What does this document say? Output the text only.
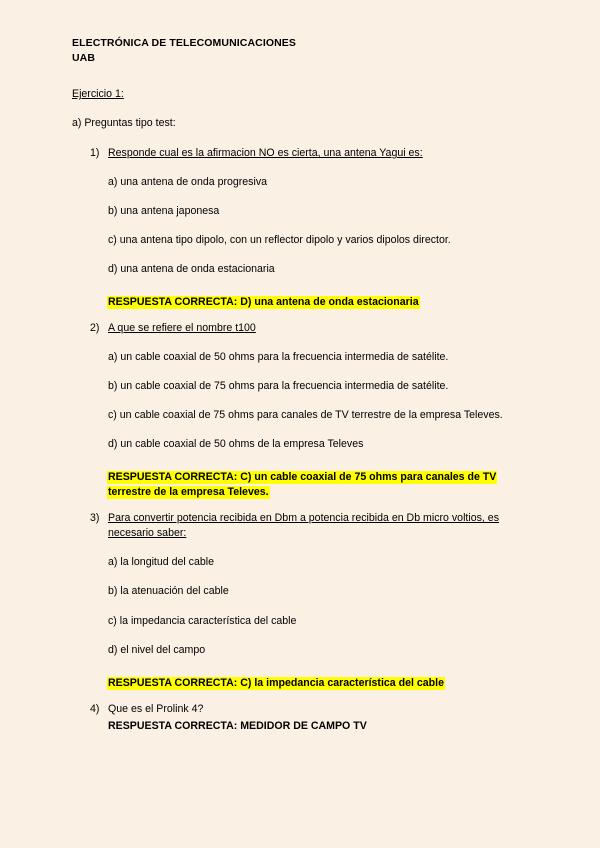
ELECTRÓNICA DE TELECOMUNICACIONES
UAB
Ejercicio 1:
a) Preguntas tipo test:
1) Responde cual es la afirmacion NO es cierta, una antena Yagui es:
a) una antena de onda progresiva
b) una antena japonesa
c) una antena tipo dipolo, con un reflector dipolo y varios dipolos director.
d) una antena de onda estacionaria
RESPUESTA CORRECTA: D) una antena de onda estacionaria
2) A que se refiere el nombre t100
a) un cable coaxial de 50 ohms para la frecuencia intermedia de satélite.
b) un cable coaxial de 75 ohms para la frecuencia intermedia de satélite.
c) un cable coaxial de 75 ohms para canales de TV terrestre de la empresa Televes.
d) un cable coaxial de 50 ohms de la empresa Televes
RESPUESTA CORRECTA: C) un cable coaxial de 75 ohms para canales de TV
terrestre de la empresa Televes.
3) Para convertir potencia recibida en Dbm a potencia recibida en Db micro voltios, es
necesario saber:
a) la longitud del cable
b) la atenuación del cable
c) la impedancia característica del cable
d) el nivel del campo
RESPUESTA CORRECTA: C) la impedancia característica del cable
4) Que es el Prolink 4?
RESPUESTA CORRECTA: MEDIDOR DE CAMPO TV
